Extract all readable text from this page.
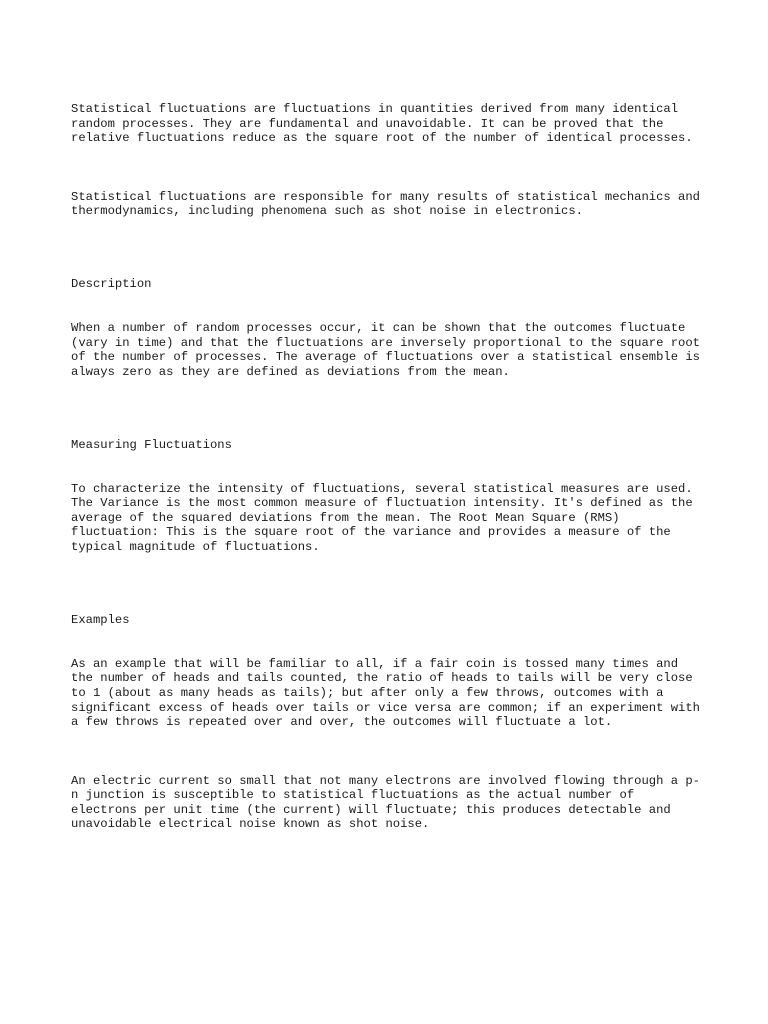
Statistical fluctuations are fluctuations in quantities derived from many identical random processes. They are fundamental and unavoidable. It can be proved that the relative fluctuations reduce as the square root of the number of identical processes.

Statistical fluctuations are responsible for many results of statistical mechanics and thermodynamics, including phenomena such as shot noise in electronics.

Description

When a number of random processes occur, it can be shown that the outcomes fluctuate (vary in time) and that the fluctuations are inversely proportional to the square root of the number of processes. The average of fluctuations over a statistical ensemble is always zero as they are defined as deviations from the mean.

Measuring Fluctuations

To characterize the intensity of fluctuations, several statistical measures are used. The Variance is the most common measure of fluctuation intensity. It's defined as the average of the squared deviations from the mean. The Root Mean Square (RMS) fluctuation: This is the square root of the variance and provides a measure of the typical magnitude of fluctuations.

Examples

As an example that will be familiar to all, if a fair coin is tossed many times and the number of heads and tails counted, the ratio of heads to tails will be very close to 1 (about as many heads as tails); but after only a few throws, outcomes with a significant excess of heads over tails or vice versa are common; if an experiment with a few throws is repeated over and over, the outcomes will fluctuate a lot.

An electric current so small that not many electrons are involved flowing through a p-n junction is susceptible to statistical fluctuations as the actual number of electrons per unit time (the current) will fluctuate; this produces detectable and unavoidable electrical noise known as shot noise.
